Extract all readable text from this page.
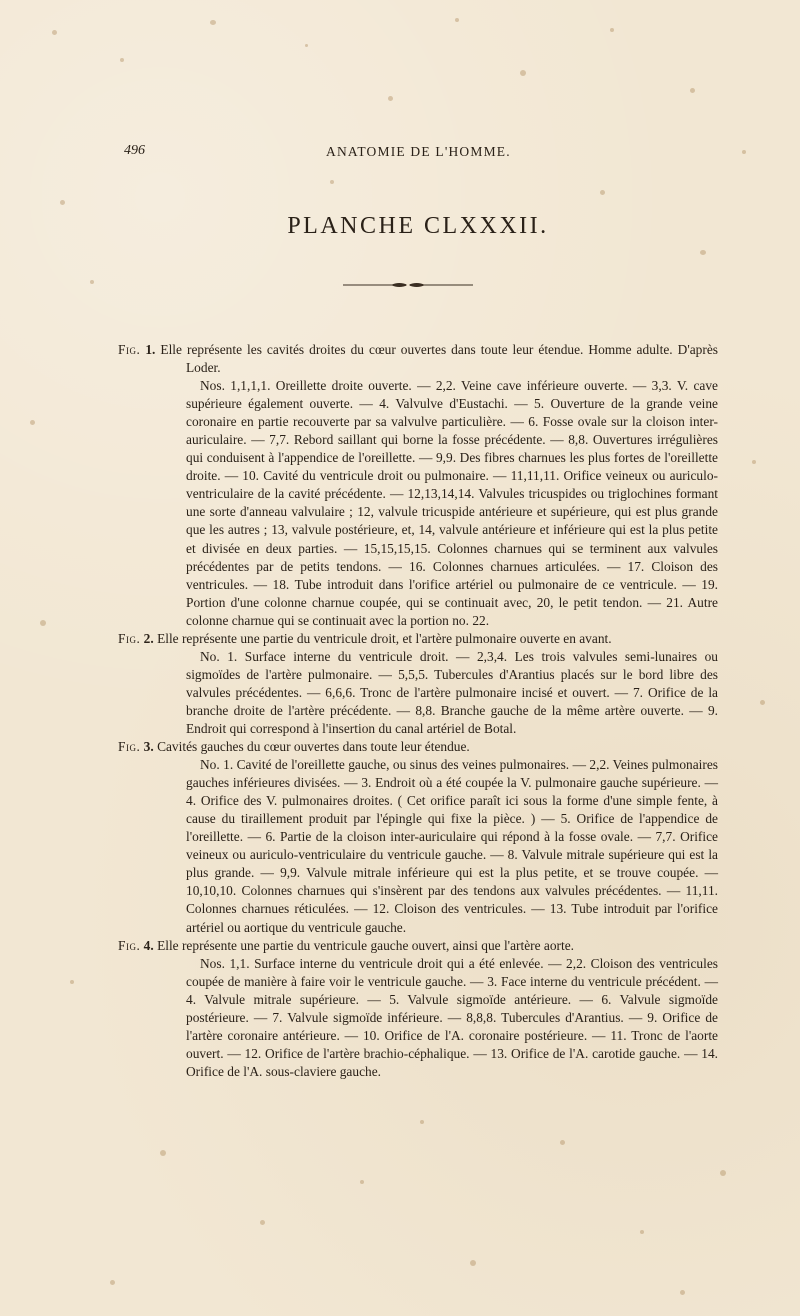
496	ANATOMIE DE L'HOMME.
PLANCHE CLXXXII.

Fig. 1. Elle représente les cavités droites du cœur ouvertes dans toute leur étendue. Homme adulte. D'après Loder.

Nos. 1,1,1,1. Oreillette droite ouverte. — 2,2. Veine cave inférieure ouverte. — 3,3. V. cave supérieure également ouverte. — 4. Valvulve d'Eustachi. — 5. Ouverture de la grande veine coronaire en partie recouverte par sa valvulve particulière. — 6. Fosse ovale sur la cloison inter-auriculaire. — 7,7. Rebord saillant qui borne la fosse précédente. — 8,8. Ouvertures irrégulières qui conduisent à l'appendice de l'oreillette. — 9,9. Des fibres charnues les plus fortes de l'oreillette droite. — 10. Cavité du ventricule droit ou pulmonaire. — 11,11,11. Orifice veineux ou auriculo-ventriculaire de la cavité précédente. — 12,13,14,14. Valvules tricuspides ou triglochines formant une sorte d'anneau valvulaire ; 12, valvule tricuspide antérieure et supérieure, qui est plus grande que les autres ; 13, valvule postérieure, et, 14, valvule antérieure et inférieure qui est la plus petite et divisée en deux parties. — 15,15,15,15. Colonnes charnues qui se terminent aux valvules précédentes par de petits tendons. — 16. Colonnes charnues articulées. — 17. Cloison des ventricules. — 18. Tube introduit dans l'orifice artériel ou pulmonaire de ce ventricule. — 19. Portion d'une colonne charnue coupée, qui se continuait avec, 20, le petit tendon. — 21. Autre colonne charnue qui se continuait avec la portion no. 22.

Fig. 2. Elle représente une partie du ventricule droit, et l'artère pulmonaire ouverte en avant.

No. 1. Surface interne du ventricule droit. — 2,3,4. Les trois valvules semi-lunaires ou sigmoïdes de l'artère pulmonaire. — 5,5,5. Tubercules d'Arantius placés sur le bord libre des valvules précédentes. — 6,6,6. Tronc de l'artère pulmonaire incisé et ouvert. — 7. Orifice de la branche droite de l'artère précédente. — 8,8. Branche gauche de la même artère ouverte. — 9. Endroit qui correspond à l'insertion du canal artériel de Botal.

Fig. 3. Cavités gauches du cœur ouvertes dans toute leur étendue.

No. 1. Cavité de l'oreillette gauche, ou sinus des veines pulmonaires. — 2,2. Veines pulmonaires gauches inférieures divisées. — 3. Endroit où a été coupée la V. pulmonaire gauche supérieure. — 4. Orifice des V. pulmonaires droites. ( Cet orifice paraît ici sous la forme d'une simple fente, à cause du tiraillement produit par l'épingle qui fixe la pièce. ) — 5. Orifice de l'appendice de l'oreillette. — 6. Partie de la cloison inter-auriculaire qui répond à la fosse ovale. — 7,7. Orifice veineux ou auriculo-ventriculaire du ventricule gauche. — 8. Valvule mitrale supérieure qui est la plus grande. — 9,9. Valvule mitrale inférieure qui est la plus petite, et se trouve coupée. — 10,10,10. Colonnes charnues qui s'insèrent par des tendons aux valvules précédentes. — 11,11. Colonnes charnues réticulées. — 12. Cloison des ventricules. — 13. Tube introduit par l'orifice artériel ou aortique du ventricule gauche.

Fig. 4. Elle représente une partie du ventricule gauche ouvert, ainsi que l'artère aorte.

Nos. 1,1. Surface interne du ventricule droit qui a été enlevée. — 2,2. Cloison des ventricules coupée de manière à faire voir le ventricule gauche. — 3. Face interne du ventricule précédent. — 4. Valvule mitrale supérieure. — 5. Valvule sigmoïde antérieure. — 6. Valvule sigmoïde postérieure. — 7. Valvule sigmoïde inférieure. — 8,8,8. Tubercules d'Arantius. — 9. Orifice de l'artère coronaire antérieure. — 10. Orifice de l'A. coronaire postérieure. — 11. Tronc de l'aorte ouvert. — 12. Orifice de l'artère brachio-céphalique. — 13. Orifice de l'A. carotide gauche. — 14. Orifice de l'A. sous-claviere gauche.
